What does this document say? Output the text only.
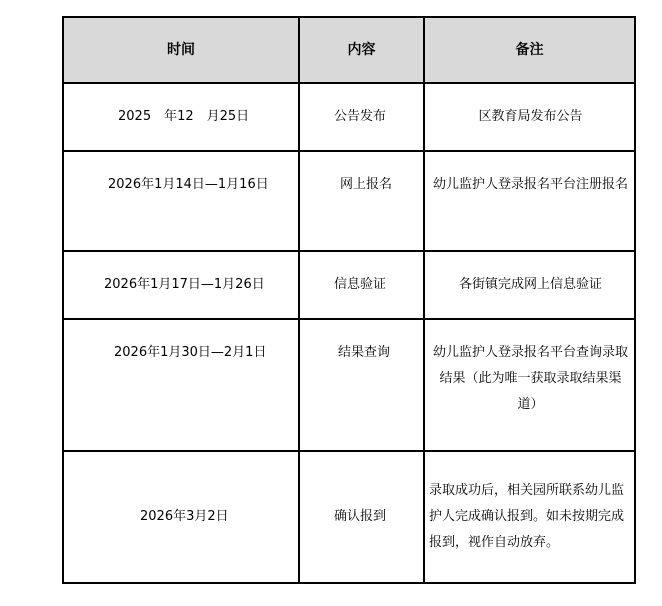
时间	内容	备注

2025　年12　月25日	公告发布	区教育局发布公告

2026年1月14日—1月16日	网上报名	幼儿监护人登录报名平台注册报名

2026年1月17日—1月26日	信息验证	各街镇完成网上信息验证

2026年1月30日—2月1日	结果查询	幼儿监护人登录报名平台查询录取结果（此为唯一获取录取结果渠道）

2026年3月2日	确认报到	录取成功后，相关园所联系幼儿监护人完成确认报到。如未按期完成报到，视作自动放弃。
